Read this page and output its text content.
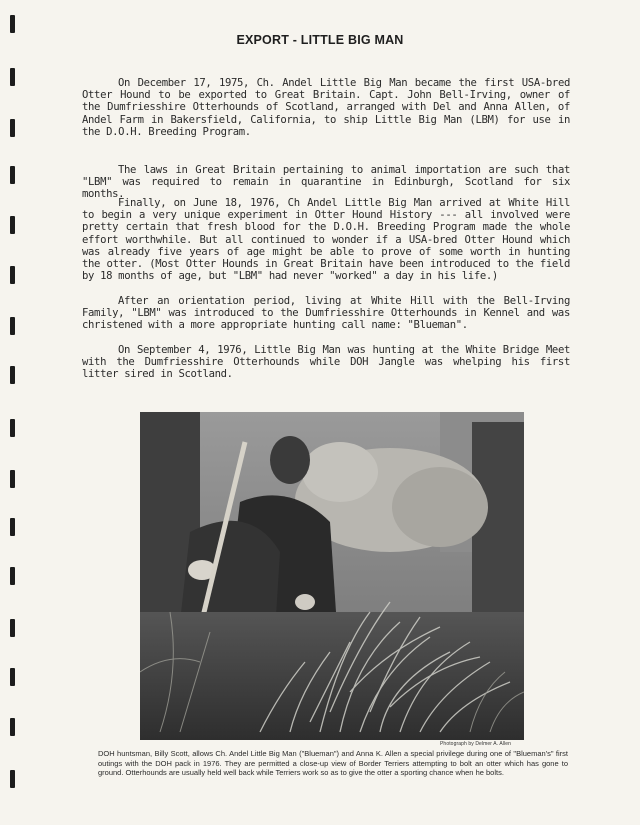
EXPORT - LITTLE BIG MAN

On December 17, 1975, Ch. Andel Little Big Man became the first USA-bred Otter Hound to be exported to Great Britain. Capt. John Bell-Irving, owner of the Dumfriesshire Otterhounds of Scotland, arranged with Del and Anna Allen, of Andel Farm in Bakersfield, California, to ship Little Big Man (LBM) for use in the D.O.H. Breeding Program.

The laws in Great Britain pertaining to animal importation are such that "LBM" was required to remain in quarantine in Edinburgh, Scotland for six months.

Finally, on June 18, 1976, Ch Andel Little Big Man arrived at White Hill to begin a very unique experiment in Otter Hound History --- all involved were pretty certain that fresh blood for the D.O.H. Breeding Program made the whole effort worthwhile. But all continued to wonder if a USA-bred Otter Hound which was already five years of age might be able to prove of some worth in hunting the otter. (Most Otter Hounds in Great Britain have been introduced to the field by 18 months of age, but "LBM" had never "worked" a day in his life.)

After an orientation period, living at White Hill with the Bell-Irving Family, "LBM" was introduced to the Dumfriesshire Otterhounds in Kennel and was christened with a more appropriate hunting call name: "Blueman".

On September 4, 1976, Little Big Man was hunting at the White Bridge Meet with the Dumfriesshire Otterhounds while DOH Jangle was whelping his first litter sired in Scotland.

Photograph by Delmer A. Allen

DOH huntsman, Billy Scott, allows Ch. Andel Little Big Man ("Blueman") and Anna K. Allen a special privilege during one of "Blueman's" first outings with the DOH pack in 1976. They are permitted a close-up view of Border Terriers attempting to bolt an otter which has gone to ground. Otterhounds are usually held well back while Terriers work so as to give the otter a sporting chance when he bolts.
